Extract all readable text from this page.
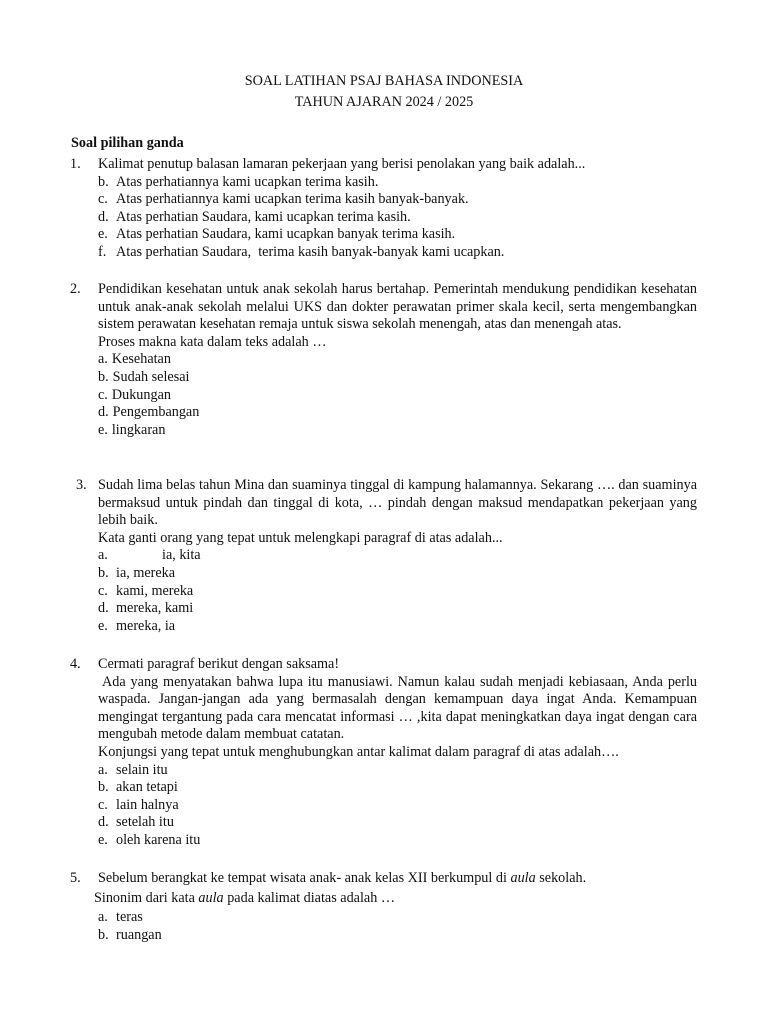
SOAL LATIHAN PSAJ BAHASA INDONESIA
TAHUN AJARAN 2024 / 2025
Soal pilihan ganda
1. Kalimat penutup balasan lamaran pekerjaan yang berisi penolakan yang baik adalah...
b. Atas perhatiannya kami ucapkan terima kasih.
c. Atas perhatiannya kami ucapkan terima kasih banyak-banyak.
d. Atas perhatian Saudara, kami ucapkan terima kasih.
e. Atas perhatian Saudara, kami ucapkan banyak terima kasih.
f. Atas perhatian Saudara,  terima kasih banyak-banyak kami ucapkan.
2. Pendidikan kesehatan untuk anak sekolah harus bertahap. Pemerintah mendukung pendidikan kesehatan untuk anak-anak sekolah melalui UKS dan dokter perawatan primer skala kecil, serta mengembangkan sistem perawatan kesehatan remaja untuk siswa sekolah menengah, atas dan menengah atas.
Proses makna kata dalam teks adalah …
a. Kesehatan
b. Sudah selesai
c. Dukungan
d. Pengembangan
e. lingkaran
3. Sudah lima belas tahun Mina dan suaminya tinggal di kampung halamannya. Sekarang …. dan suaminya bermaksud untuk pindah dan tinggal di kota, … pindah dengan maksud mendapatkan pekerjaan yang lebih baik.
Kata ganti orang yang tepat untuk melengkapi paragraf di atas adalah...
a.	ia, kita
b. ia, mereka
c. kami, mereka
d. mereka, kami
e. mereka, ia
4. Cermati paragraf berikut dengan saksama!
Ada yang menyatakan bahwa lupa itu manusiawi. Namun kalau sudah menjadi kebiasaan, Anda perlu waspada. Jangan-jangan ada yang bermasalah dengan kemampuan daya ingat Anda. Kemampuan mengingat tergantung pada cara mencatat informasi … ,kita dapat meningkatkan daya ingat dengan cara mengubah metode dalam membuat catatan.
Konjungsi yang tepat untuk menghubungkan antar kalimat dalam paragraf di atas adalah….
a. selain itu
b. akan tetapi
c. lain halnya
d. setelah itu
e. oleh karena itu
5. Sebelum berangkat ke tempat wisata anak- anak kelas XII berkumpul di aula sekolah.
Sinonim dari kata aula pada kalimat diatas adalah …
a. teras
b. ruangan
